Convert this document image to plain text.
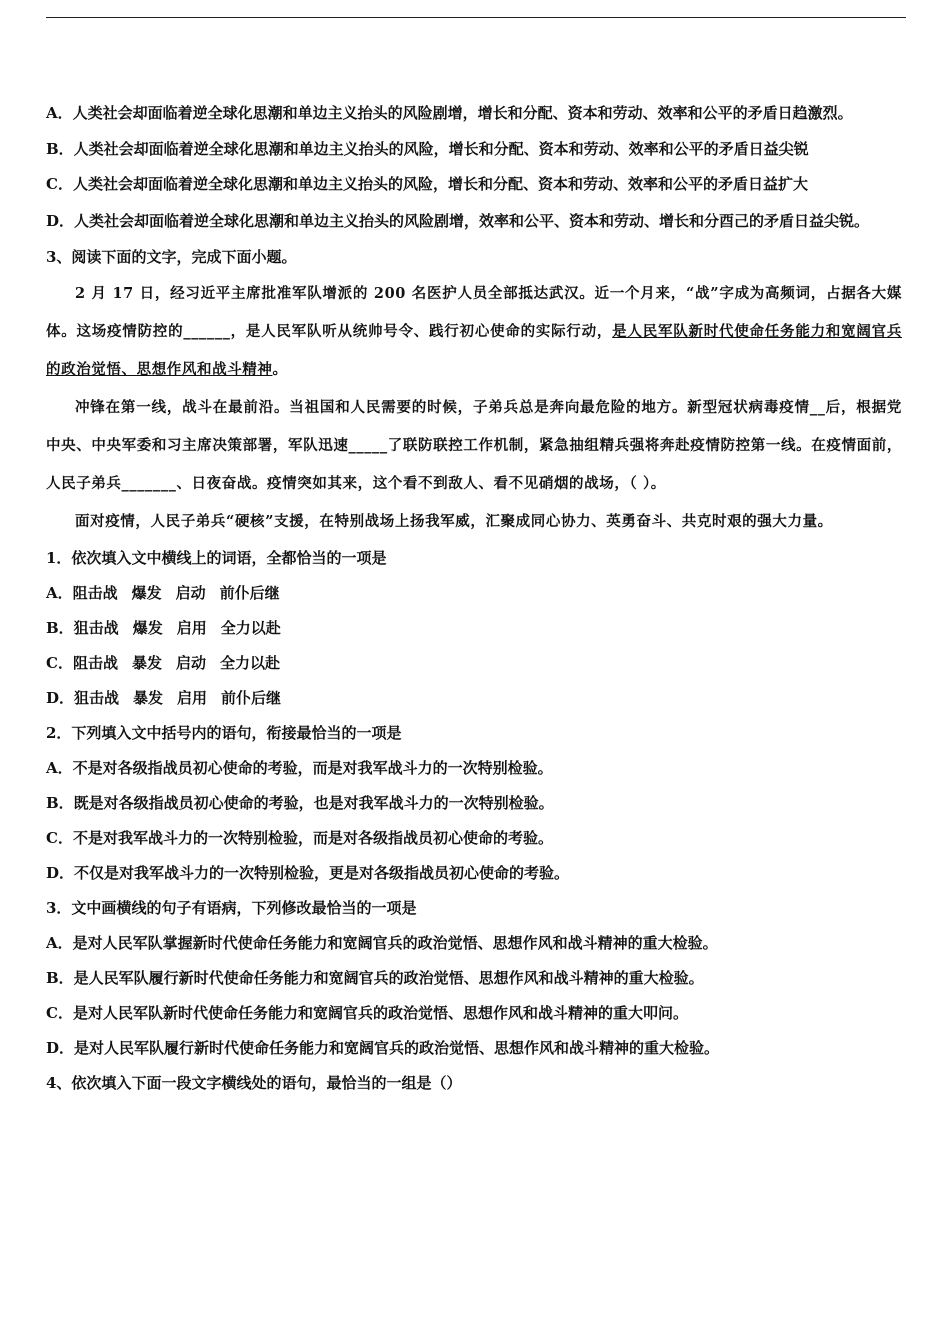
A．人类社会却面临着逆全球化思潮和单边主义抬头的风险剧增，增长和分配、资本和劳动、效率和公平的矛盾日趋激烈。

B．人类社会却面临着逆全球化思潮和单边主义抬头的风险，增长和分配、资本和劳动、效率和公平的矛盾日益尖锐

C．人类社会却面临着逆全球化思潮和单边主义抬头的风险，增长和分配、资本和劳动、效率和公平的矛盾日益扩大

D．人类社会却面临着逆全球化思潮和单边主义抬头的风险剧增，效率和公平、资本和劳动、增长和分酉己的矛盾日益尖锐。

3、阅读下面的文字，完成下面小题。

2 月 17 日，经习近平主席批准军队增派的 200 名医护人员全部抵达武汉。近一个月来，“战”字成为高频词，占据各大媒体。这场疫情防控的______，是人民军队听从统帅号令、践行初心使命的实际行动，是人民军队新时代使命任务能力和宽阔官兵的政治觉悟、思想作风和战斗精神。

冲锋在第一线，战斗在最前沿。当祖国和人民需要的时候，子弟兵总是奔向最危险的地方。新型冠状病毒疫情__后，根据党中央、中央军委和习主席决策部署，军队迅速_____了联防联控工作机制，紧急抽组精兵强将奔赴疫情防控第一线。在疫情面前，人民子弟兵_______、日夜奋战。疫情突如其来，这个看不到敌人、看不见硝烟的战场，（ ）。

面对疫情，人民子弟兵“硬核”支援，在特别战场上扬我军威，汇聚成同心协力、英勇奋斗、共克时艰的强大力量。

1．依次填入文中横线上的词语，全都恰当的一项是

A．阻击战 爆发 启动 前仆后继

B．狙击战 爆发 启用 全力以赴

C．阻击战 暴发 启动 全力以赴

D．狙击战 暴发 启用 前仆后继

2．下列填入文中括号内的语句，衔接最恰当的一项是

A．不是对各级指战员初心使命的考验，而是对我军战斗力的一次特别检验。

B．既是对各级指战员初心使命的考验，也是对我军战斗力的一次特别检验。

C．不是对我军战斗力的一次特别检验，而是对各级指战员初心使命的考验。

D．不仅是对我军战斗力的一次特别检验，更是对各级指战员初心使命的考验。

3．文中画横线的句子有语病，下列修改最恰当的一项是

A．是对人民军队掌握新时代使命任务能力和宽阔官兵的政治觉悟、思想作风和战斗精神的重大检验。

B．是人民军队履行新时代使命任务能力和宽阔官兵的政治觉悟、思想作风和战斗精神的重大检验。

C．是对人民军队新时代使命任务能力和宽阔官兵的政治觉悟、思想作风和战斗精神的重大叩问。

D．是对人民军队履行新时代使命任务能力和宽阔官兵的政治觉悟、思想作风和战斗精神的重大检验。

4、依次填入下面一段文字横线处的语句，最恰当的一组是（）
